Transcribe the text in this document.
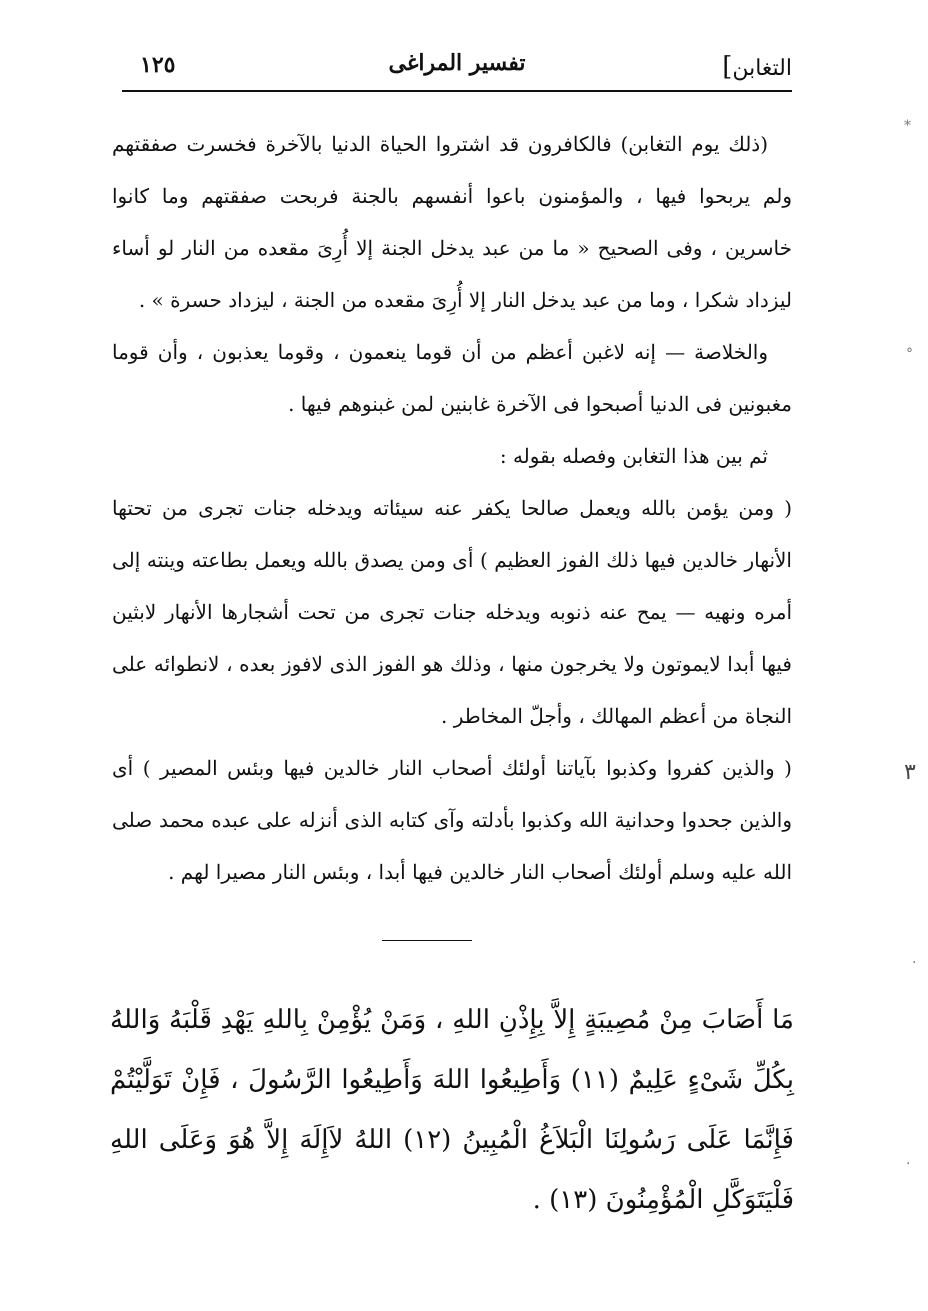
التغابن]
تفسير المراغى
١٢٥

(ذلك يوم التغابن) فالكافرون قد اشتروا الحياة الدنيا بالآخرة فخسرت صفقتهم ولم يربحوا فيها ، والمؤمنون باعوا أنفسهم بالجنة فربحت صفقتهم وما كانوا خاسرين ، وفى الصحيح « ما من عبد يدخل الجنة إلا أُرِىَ مقعده من النار لو أساء ليزداد شكرا ، وما من عبد يدخل النار إلا أُرِىَ مقعده من الجنة ، ليزداد حسرة » .

والخلاصة — إنه لاغبن أعظم من أن قوما ينعمون ، وقوما يعذبون ، وأن قوما مغبونين فى الدنيا أصبحوا فى الآخرة غابنين لمن غبنوهم فيها .

ثم بين هذا التغابن وفصله بقوله :

( ومن يؤمن بالله ويعمل صالحا يكفر عنه سيئاته ويدخله جنات تجرى من تحتها الأنهار خالدين فيها ذلك الفوز العظيم ) أى ومن يصدق بالله ويعمل بطاعته وينته إلى أمره ونهيه — يمح عنه ذنوبه ويدخله جنات تجرى من تحت أشجارها الأنهار لابثين فيها أبدا لايموتون ولا يخرجون منها ، وذلك هو الفوز الذى لافوز بعده ، لانطوائه على النجاة من أعظم المهالك ، وأجلّ المخاطر .

( والذين كفروا وكذبوا بآياتنا أولئك أصحاب النار خالدين فيها وبئس المصير ) أى والذين جحدوا وحدانية الله وكذبوا بأدلته وآى كتابه الذى أنزله على عبده محمد صلى الله عليه وسلم أولئك أصحاب النار خالدين فيها أبدا ، وبئس النار مصيرا لهم .

مَا أَصَابَ مِنْ مُصِيبَةٍ إِلاَّ بِإِذْنِ اللهِ ، وَمَنْ يُؤْمِنْ بِاللهِ يَهْدِ قَلْبَهُ وَاللهُ بِكُلِّ شَىْءٍ عَلِيمٌ (١١) وَأَطِيعُوا اللهَ وَأَطِيعُوا الرَّسُولَ ، فَإِنْ تَوَلَّيْتُمْ فَإِنَّمَا عَلَى رَسُولِنَا الْبَلاَغُ الْمُبِينُ (١٢) اللهُ لاَإِلَهَ إِلاَّ هُوَ وَعَلَى اللهِ فَلْيَتَوَكَّلِ الْمُؤْمِنُونَ (١٣) .

*
°
٣
·
·
